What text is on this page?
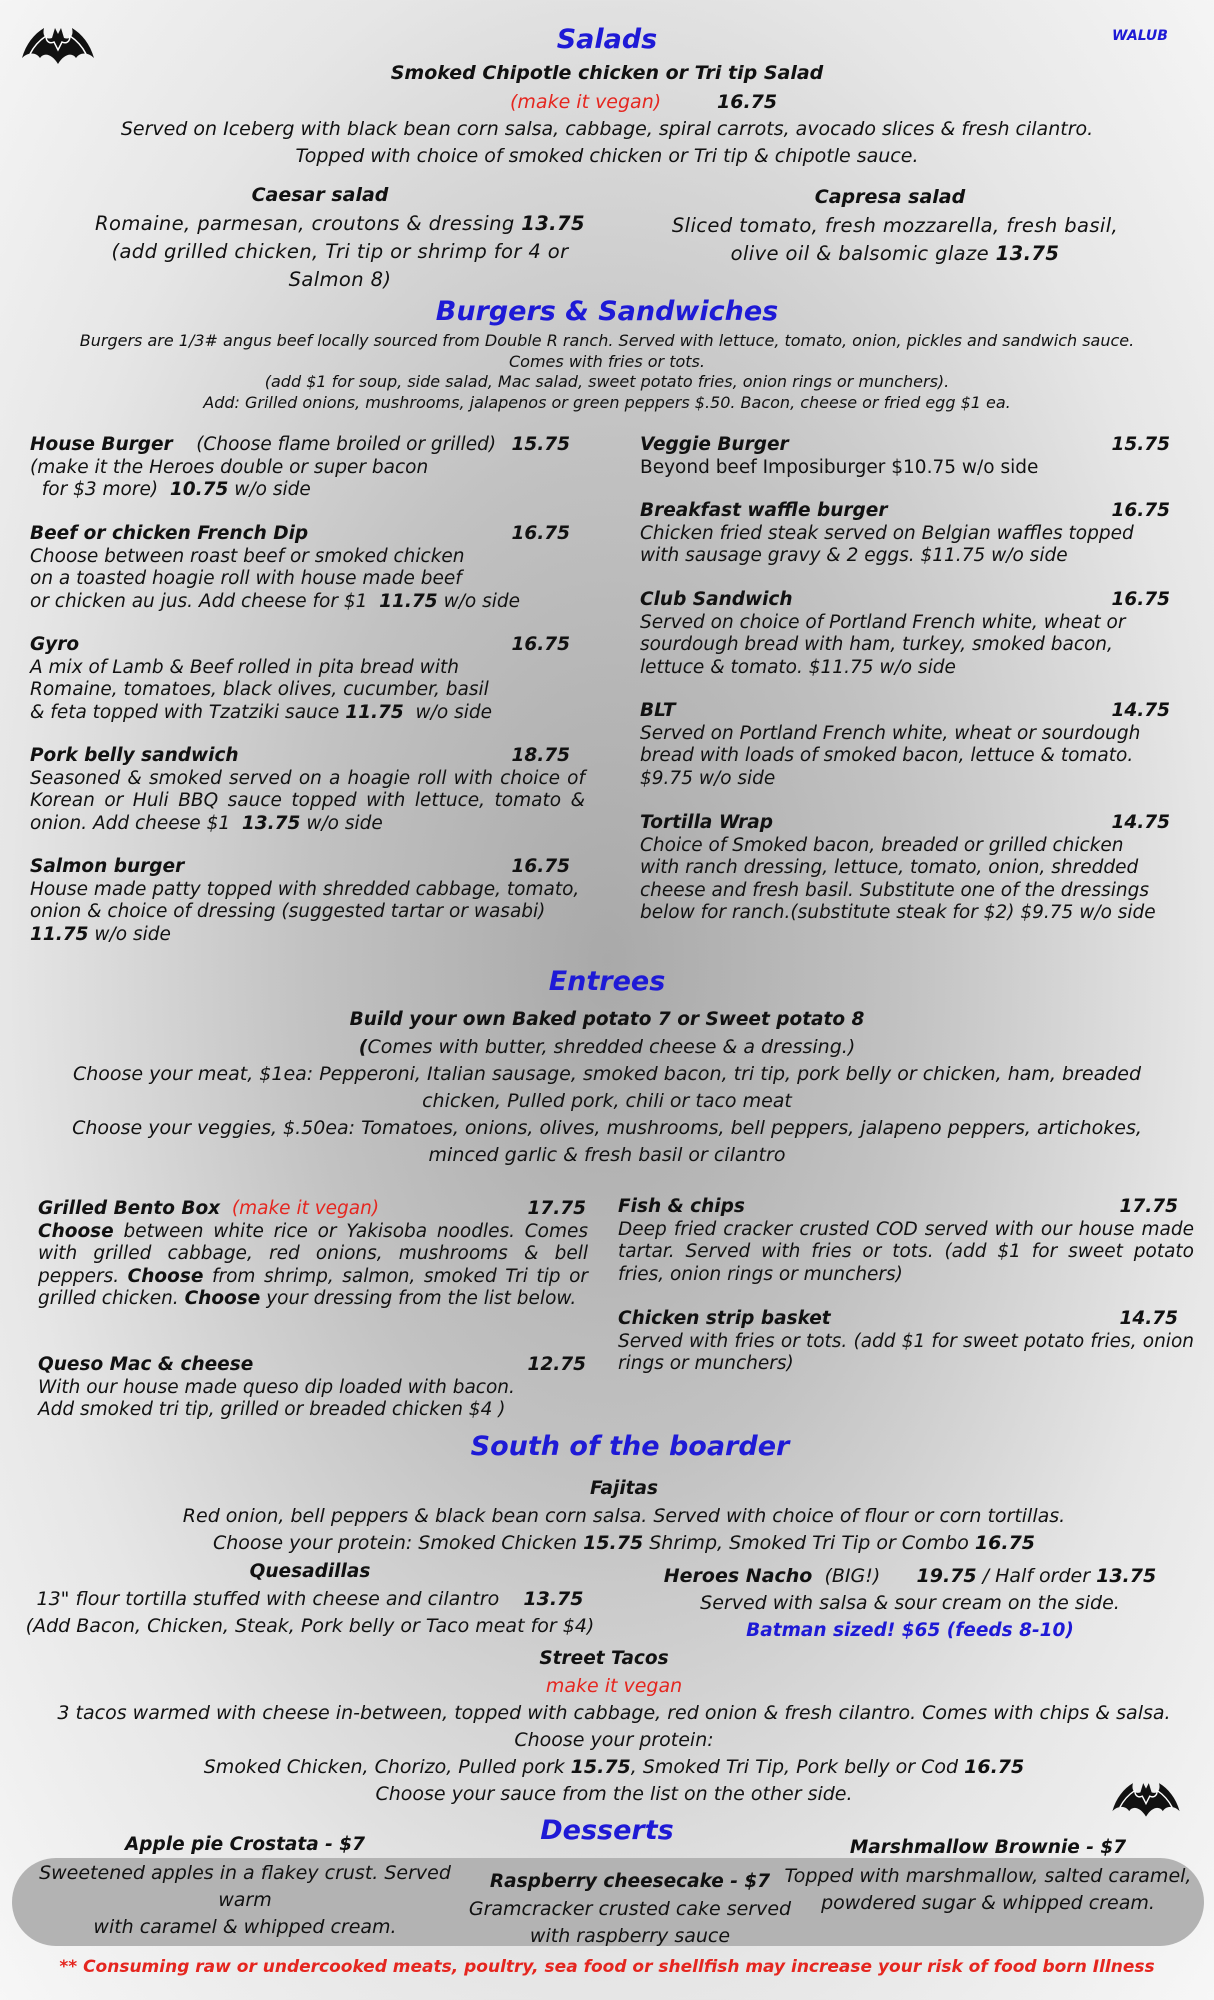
WALUB
Salads
Smoked Chipotle chicken or Tri tip Salad
(make it vegan)	16.75
Served on Iceberg with black bean corn salsa, cabbage, spiral carrots, avocado slices & fresh cilantro.
Topped with choice of smoked chicken or Tri tip & chipotle sauce.
Caesar salad
Romaine, parmesan, croutons & dressing 13.75 (add grilled chicken, Tri tip or shrimp for 4 or Salmon 8)
Capresa salad
Sliced tomato, fresh mozzarella, fresh basil, olive oil & balsomic glaze 13.75
Burgers & Sandwiches
Burgers are 1/3# angus beef locally sourced from Double R ranch. Served with lettuce, tomato, onion, pickles and sandwich sauce.
Comes with fries or tots.
(add $1 for soup, side salad, Mac salad, sweet potato fries, onion rings or munchers).
Add: Grilled onions, mushrooms, jalapenos or green peppers $.50. Bacon, cheese or fried egg $1 ea.
House Burger (Choose flame broiled or grilled) 15.75
(make it the Heroes double or super bacon
for $3 more) 10.75 w/o side
Beef or chicken French Dip	16.75
Choose between roast beef or smoked chicken
on a toasted hoagie roll with house made beef
or chicken au jus. Add cheese for $1 11.75 w/o side
Gyro	16.75
A mix of Lamb & Beef rolled in pita bread with
Romaine, tomatoes, black olives, cucumber, basil
& feta topped with Tzatziki sauce 11.75 w/o side
Pork belly sandwich	18.75
Seasoned & smoked served on a hoagie roll with choice of Korean or Huli BBQ sauce topped with lettuce, tomato & onion. Add cheese $1 13.75 w/o side
Salmon burger	16.75
House made patty topped with shredded cabbage, tomato, onion & choice of dressing (suggested tartar or wasabi)  11.75 w/o side
Veggie Burger	15.75
Beyond beef Imposiburger $10.75 w/o side
Breakfast waffle burger	16.75
Chicken fried steak served on Belgian waffles topped
with sausage gravy & 2 eggs. $11.75 w/o side
Club Sandwich	16.75
Served on choice of Portland French white, wheat or
sourdough bread with ham, turkey, smoked bacon,
lettuce & tomato. $11.75 w/o side
BLT	14.75
Served on Portland French white, wheat or sourdough
bread with loads of smoked bacon, lettuce & tomato.
$9.75 w/o side
Tortilla Wrap	14.75
Choice of Smoked bacon, breaded or grilled chicken
with ranch dressing, lettuce, tomato, onion, shredded
cheese and fresh basil. Substitute one of the dressings
below for ranch.(substitute steak for $2) $9.75 w/o side
Entrees
Build your own Baked potato 7 or Sweet potato 8
(Comes with butter, shredded cheese & a dressing.)
Choose your meat, $1ea: Pepperoni, Italian sausage, smoked bacon, tri tip, pork belly or chicken, ham, breaded chicken, Pulled pork, chili or taco meat
Choose your veggies, $.50ea: Tomatoes, onions, olives, mushrooms, bell peppers, jalapeno peppers, artichokes, minced garlic & fresh basil or cilantro
Grilled Bento Box (make it vegan)	17.75
Choose between white rice or Yakisoba noodles. Comes with grilled cabbage, red onions, mushrooms & bell peppers. Choose from shrimp, salmon, smoked Tri tip or grilled chicken. Choose your dressing from the list below.
Queso Mac & cheese	12.75
With our house made queso dip loaded with bacon.
Add smoked tri tip, grilled or breaded chicken $4 )
Fish & chips	17.75
Deep fried cracker crusted COD served with our house made tartar. Served with fries or tots. (add $1 for sweet potato fries, onion rings or munchers)
Chicken strip basket	14.75
Served with fries or tots. (add $1 for sweet potato fries, onion rings or munchers)
South of the boarder
Fajitas
Red onion, bell peppers & black bean corn salsa. Served with choice of flour or corn tortillas.
Choose your protein: Smoked Chicken 15.75 Shrimp, Smoked Tri Tip or Combo 16.75
Quesadillas
13" flour tortilla stuffed with cheese and cilantro 13.75
(Add Bacon, Chicken, Steak, Pork belly or Taco meat for $4)
Heroes Nacho (BIG!) 19.75 / Half order 13.75
Served with salsa & sour cream on the side.
Batman sized! $65 (feeds 8-10)
Street Tacos
make it vegan
3 tacos warmed with cheese in-between, topped with cabbage, red onion & fresh cilantro. Comes with chips & salsa.
Choose your protein:
Smoked Chicken, Chorizo, Pulled pork 15.75, Smoked Tri Tip, Pork belly or Cod 16.75
Choose your sauce from the list on the other side.
Desserts
Apple pie Crostata - $7
Sweetened apples in a flakey crust. Served warm
with caramel & whipped cream.
Raspberry cheesecake - $7
Gramcracker crusted cake served
with raspberry sauce
Marshmallow Brownie - $7
Topped with marshmallow, salted caramel,
powdered sugar & whipped cream.
** Consuming raw or undercooked meats, poultry, sea food or shellfish may increase your risk of food born Illness
